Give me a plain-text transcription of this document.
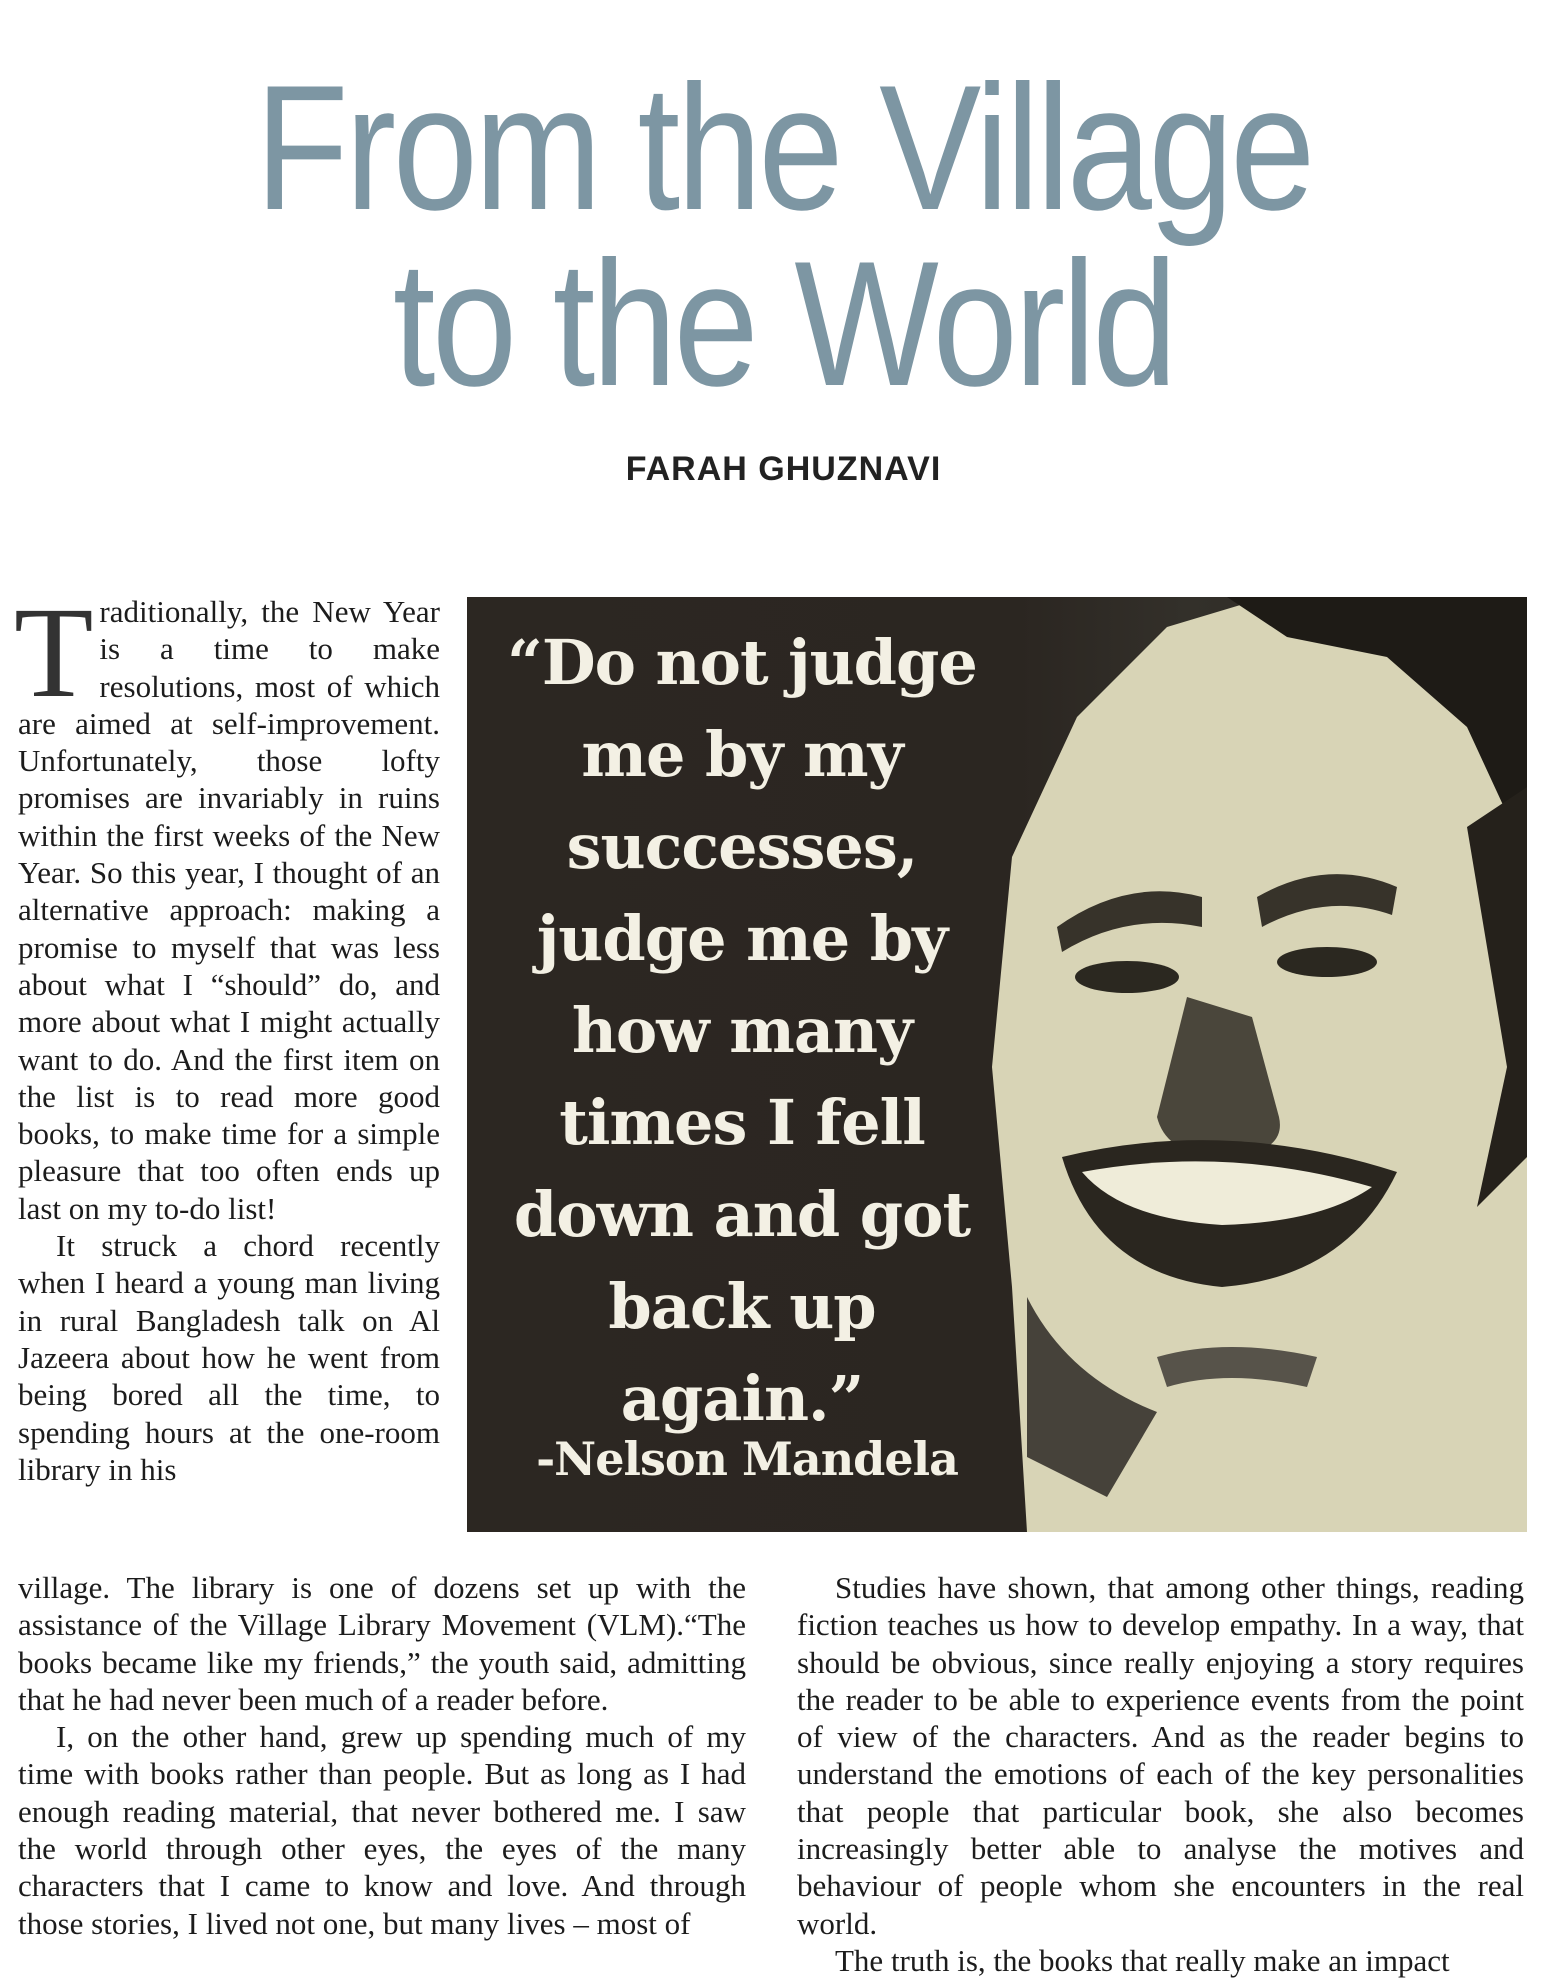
From the Village
to the World
FARAH GHUZNAVI

Traditionally, the New Year is a time to make resolutions, most of which are aimed at self-improvement. Unfortunately, those lofty promises are invariably in ruins within the first weeks of the New Year. So this year, I thought of an alternative approach: making a promise to myself that was less about what I “should” do, and more about what I might actually want to do. And the first item on the list is to read more good books, to make time for a simple pleasure that too often ends up last on my to-do list!

It struck a chord recently when I heard a young man living in rural Bangladesh talk on Al Jazeera about how he went from being bored all the time, to spending hours at the one-room library in his

“Do not judge me by my successes, judge me by how many times I fell down and got back up again.”
-Nelson Mandela

village. The library is one of dozens set up with the assistance of the Village Library Movement (VLM).“The books became like my friends,” the youth said, admitting that he had never been much of a reader before.

I, on the other hand, grew up spending much of my time with books rather than people. But as long as I had enough reading material, that never bothered me. I saw the world through other eyes, the eyes of the many characters that I came to know and love. And through those stories, I lived not one, but many lives – most of

Studies have shown, that among other things, reading fiction teaches us how to develop empathy. In a way, that should be obvious, since really enjoying a story requires the reader to be able to experience events from the point of view of the characters. And as the reader begins to understand the emotions of each of the key personalities that people that particular book, she also becomes increasingly better able to analyse the motives and behaviour of people whom she encounters in the real world.

The truth is, the books that really make an impact
